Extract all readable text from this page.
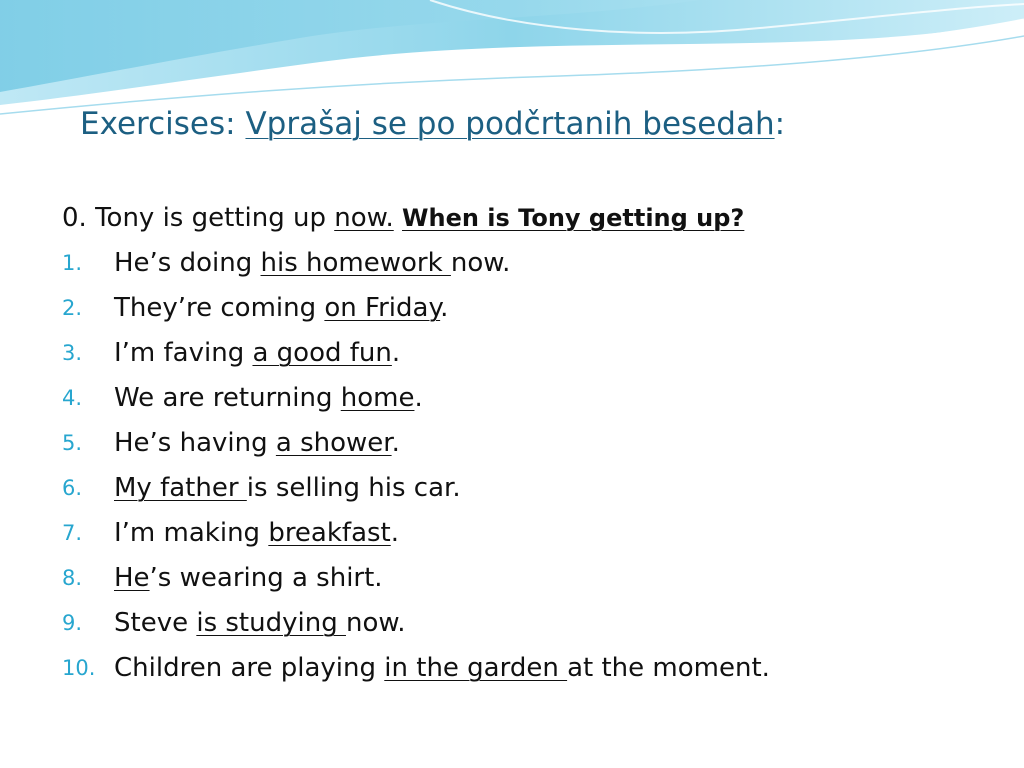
Exercises: Vprašaj se po podčrtanih besedah:
0. Tony is getting up now. When is Tony getting up?
1.	He’s doing his homework now.
2.	They’re coming on Friday.
3.	I’m faving a good fun.
4.	We are returning home.
5.	He’s having a shower.
6.	My father is selling his car.
7.	I’m making breakfast.
8.	He’s wearing a shirt.
9.	Steve is studying now.
10. Children are playing in the garden at the moment.
